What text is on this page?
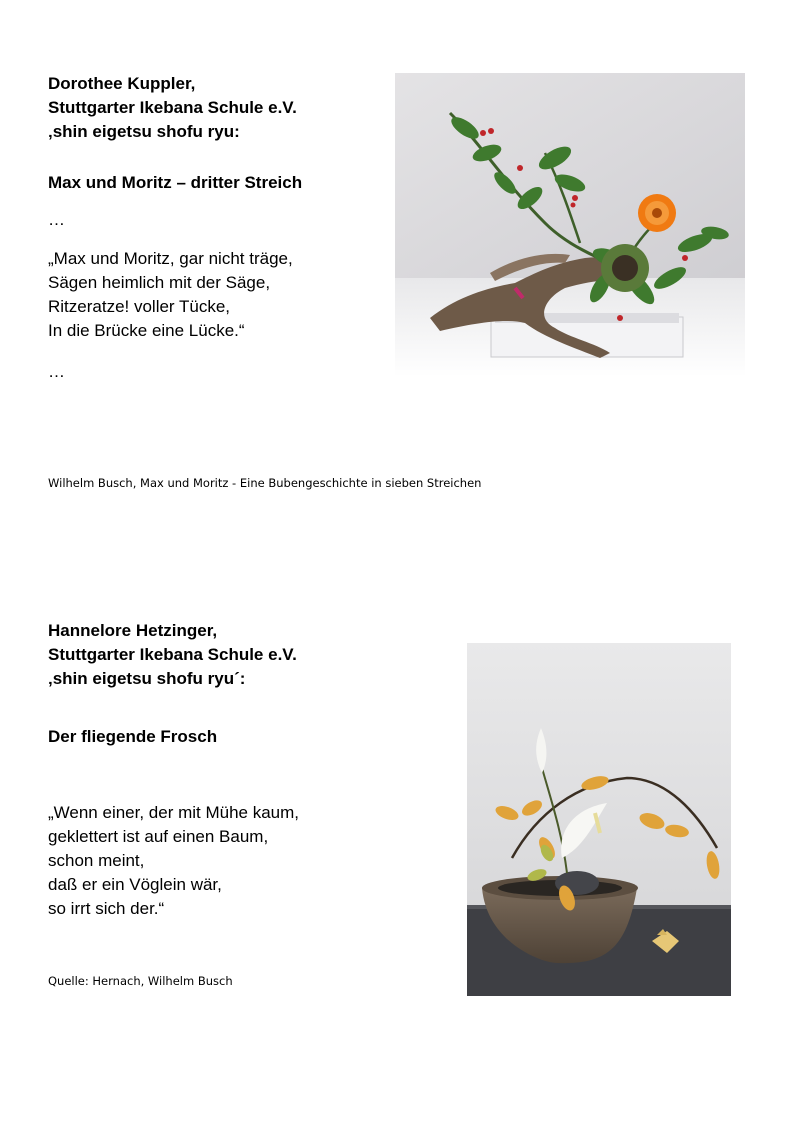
Dorothee Kuppler,

Stuttgarter Ikebana Schule e.V.

‚shin eigetsu shofu ryu:

Max und Moritz – dritter Streich

…

„Max und Moritz, gar nicht träge,

Sägen heimlich mit der Säge,

Ritzeratze! voller Tücke,

In die Brücke eine Lücke.“

…

Wilhelm Busch, Max und Moritz - Eine Bubengeschichte in sieben Streichen

Hannelore Hetzinger,

Stuttgarter Ikebana Schule e.V.

‚shin eigetsu shofu ryu´:

Der fliegende Frosch

„Wenn einer, der mit Mühe kaum,

geklettert ist auf einen Baum,

schon meint,

daß er ein Vöglein wär,

so irrt sich der.“

Quelle: Hernach, Wilhelm Busch
